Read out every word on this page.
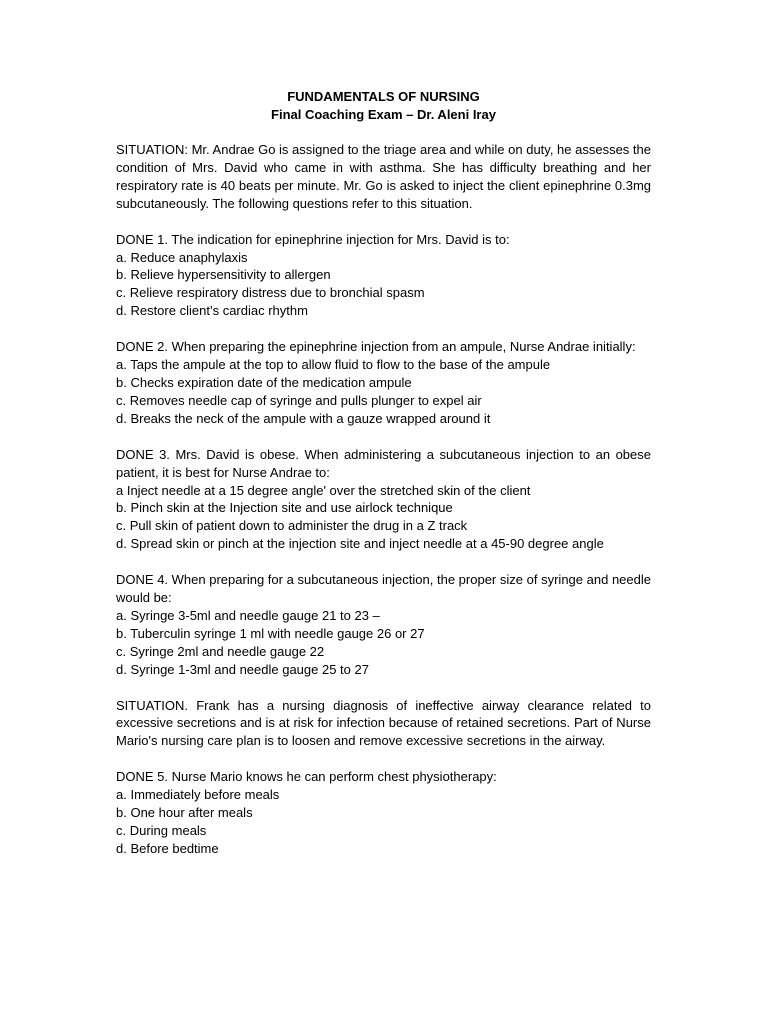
FUNDAMENTALS OF NURSING
Final Coaching Exam – Dr. Aleni Iray

SITUATION: Mr. Andrae Go is assigned to the triage area and while on duty, he assesses the condition of Mrs. David who came in with asthma. She has difficulty breathing and her respiratory rate is 40 beats per minute. Mr. Go is asked to inject the client epinephrine 0.3mg subcutaneously. The following questions refer to this situation.

DONE 1. The indication for epinephrine injection for Mrs. David is to:

a. Reduce anaphylaxis

b. Relieve hypersensitivity to allergen

c. Relieve respiratory distress due to bronchial spasm

d. Restore client’s cardiac rhythm

DONE 2. When preparing the epinephrine injection from an ampule, Nurse Andrae initially:

a. Taps the ampule at the top to allow fluid to flow to the base of the ampule

b. Checks expiration date of the medication ampule

c. Removes needle cap of syringe and pulls plunger to expel air

d. Breaks the neck of the ampule with a gauze wrapped around it

DONE 3. Mrs. David is obese. When administering a subcutaneous injection to an obese patient, it is best for Nurse Andrae to:

a Inject needle at a 15 degree angle' over the stretched skin of the client

b. Pinch skin at the Injection site and use airlock technique

c. Pull skin of patient down to administer the drug in a Z track

d. Spread skin or pinch at the injection site and inject needle at a 45-90 degree angle

DONE 4. When preparing for a subcutaneous injection, the proper size of syringe and needle would be:

a. Syringe 3-5ml and needle gauge 21 to 23 –

b. Tuberculin syringe 1 ml with needle gauge 26 or 27

c. Syringe 2ml and needle gauge 22

d. Syringe 1-3ml and needle gauge 25 to 27

SITUATION. Frank has a nursing diagnosis of ineffective airway clearance related to excessive secretions and is at risk for infection because of retained secretions. Part of Nurse Mario's nursing care plan is to loosen and remove excessive secretions in the airway.

DONE 5. Nurse Mario knows he can perform chest physiotherapy:

a. Immediately before meals

b. One hour after meals

c. During meals

d. Before bedtime
